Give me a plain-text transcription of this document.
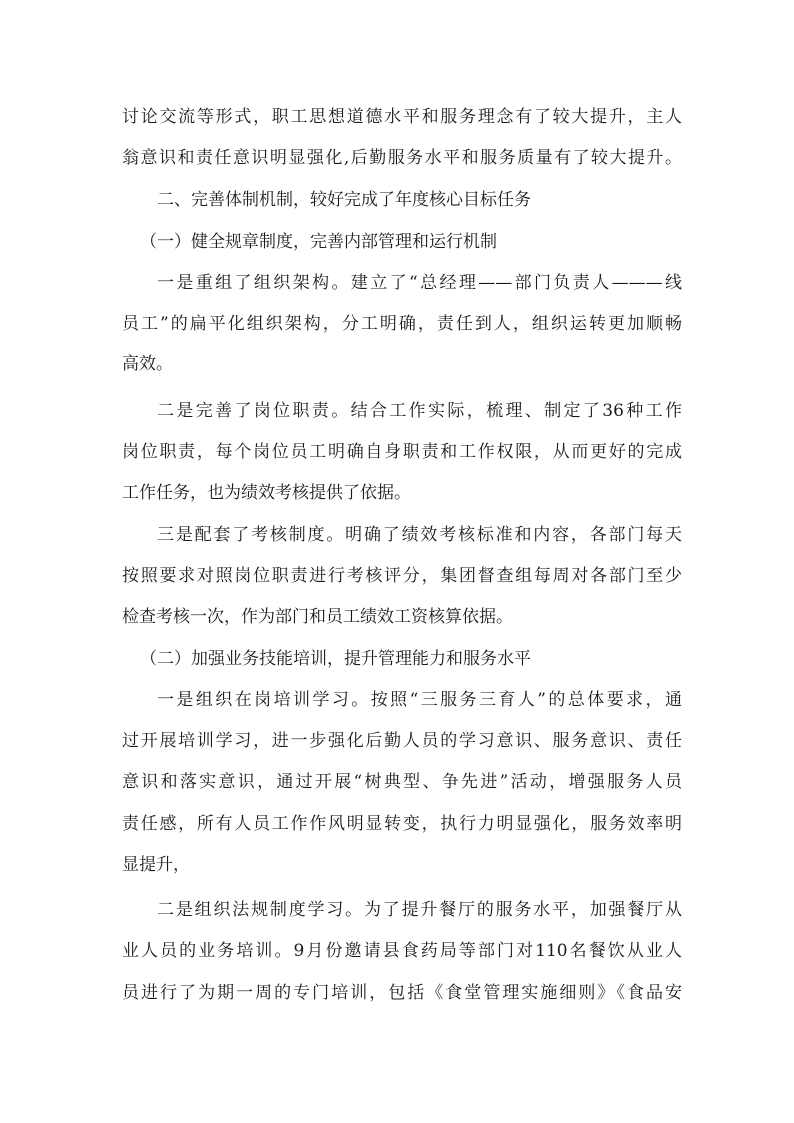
讨论交流等形式，职工思想道德水平和服务理念有了较大提升，主人
翁意识和责任意识明显强化,后勤服务水平和服务质量有了较大提升。
二、完善体制机制，较好完成了年度核心目标任务
（一）健全规章制度，完善内部管理和运行机制
一是重组了组织架构。建立了“总经理——部门负责人———线
员工”的扁平化组织架构，分工明确，责任到人，组织运转更加顺畅
高效。
二是完善了岗位职责。结合工作实际，梳理、制定了36种工作
岗位职责，每个岗位员工明确自身职责和工作权限，从而更好的完成
工作任务，也为绩效考核提供了依据。
三是配套了考核制度。明确了绩效考核标准和内容，各部门每天
按照要求对照岗位职责进行考核评分，集团督查组每周对各部门至少
检查考核一次，作为部门和员工绩效工资核算依据。
（二）加强业务技能培训，提升管理能力和服务水平
一是组织在岗培训学习。按照“三服务三育人”的总体要求，通
过开展培训学习，进一步强化后勤人员的学习意识、服务意识、责任
意识和落实意识，通过开展“树典型、争先进”活动，增强服务人员
责任感，所有人员工作作风明显转变，执行力明显强化，服务效率明
显提升，
二是组织法规制度学习。为了提升餐厅的服务水平，加强餐厅从
业人员的业务培训。9月份邀请县食药局等部门对110名餐饮从业人
员进行了为期一周的专门培训，包括《食堂管理实施细则》《食品安
